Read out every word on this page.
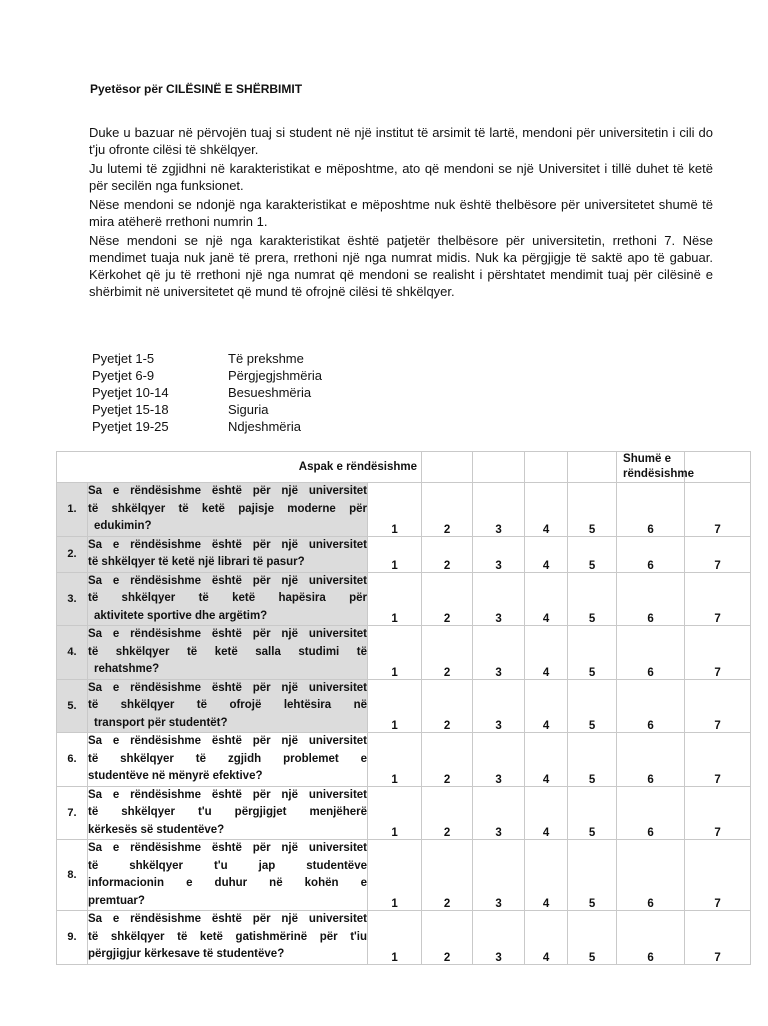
Pyetësor për CILËSINË E SHËRBIMIT

Duke u bazuar në përvojën tuaj si student në një institut të arsimit të lartë, mendoni për universitetin i cili do t'ju ofronte cilësi të shkëlqyer.

Ju lutemi të zgjidhni në karakteristikat e mëposhtme, ato që mendoni se një Universitet i tillë duhet të ketë për secilën nga funksionet.

Nëse mendoni se ndonjë nga karakteristikat e mëposhtme nuk është thelbësore për universitetet shumë të mira atëherë rrethoni numrin 1.

Nëse mendoni se një nga karakteristikat është patjetër thelbësore për universitetin, rrethoni 7. Nëse mendimet tuaja nuk janë të prera, rrethoni një nga numrat midis. Nuk ka përgjigje të saktë apo të gabuar. Kërkohet që ju të rrethoni një nga numrat që mendoni se realisht i përshtatet mendimit tuaj për cilësinë e shërbimit në universitetet që mund të ofrojnë cilësi të shkëlqyer.

Pyetjet 1-5	Të prekshme
Pyetjet 6-9	Përgjegjshmëria
Pyetjet 10-14	Besueshmëria
Pyetjet 15-18	Siguria
Pyetjet 19-25	Ndjeshmëria
Aspak e rëndësishme							Shumë e rëndësishme	
1.	Sa e rëndësishme është për një universitet
të shkëlqyer të ketë pajisje moderne për
edukimin?	1	2	3	4	5	6	7
2.	Sa e rëndësishme është për një universitet
të shkëlqyer të ketë një librari të pasur?	1	2	3	4	5	6	7
3.	Sa e rëndësishme është për një universitet
të shkëlqyer të ketë hapësira për
aktivitete sportive dhe argëtim?	1	2	3	4	5	6	7
4.	Sa e rëndësishme është për një universitet
të shkëlqyer të ketë salla studimi të
rehatshme?	1	2	3	4	5	6	7
5.	Sa e rëndësishme është për një universitet
të shkëlqyer të ofrojë lehtësira në
transport për studentët?	1	2	3	4	5	6	7
6.	Sa e rëndësishme është për një universitet
të shkëlqyer të zgjidh problemet e
studentëve në mënyrë efektive?	1	2	3	4	5	6	7
7.	Sa e rëndësishme është për një universitet
të shkëlqyer t'u përgjigjet menjëherë
kërkesës së studentëve?	1	2	3	4	5	6	7
8.	Sa e rëndësishme është për një universitet
të shkëlqyer t'u jap studentëve
informacionin e duhur në kohën e
premtuar?	1	2	3	4	5	6	7
9.	Sa e rëndësishme është për një universitet
të shkëlqyer të ketë gatishmërinë për t'iu
përgjigjur kërkesave të studentëve?	1	2	3	4	5	6	7
